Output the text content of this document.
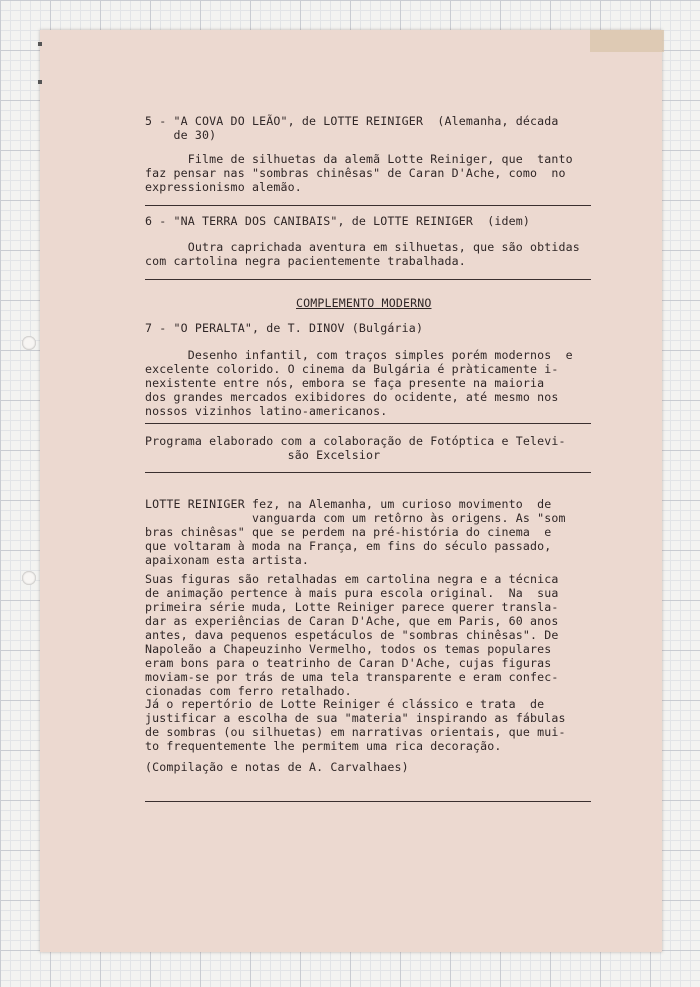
5 - "A COVA DO LEÃO", de LOTTE REINIGER  (Alemanha, década
de 30)
Filme de silhuetas da alemã Lotte Reiniger, que  tanto
faz pensar nas "sombras chinêsas" de Caran D'Ache, como  no
expressionismo alemão.
6 - "NA TERRA DOS CANIBAIS", de LOTTE REINIGER  (idem)
Outra caprichada aventura em silhuetas, que são obtidas
com cartolina negra pacientemente trabalhada.
COMPLEMENTO MODERNO
7 - "O PERALTA", de T. DINOV (Bulgária)
Desenho infantil, com traços simples porém modernos  e
excelente colorido. O cinema da Bulgária é pràticamente i-
nexistente entre nós, embora se faça presente na maioria
dos grandes mercados exibidores do ocidente, até mesmo nos
nossos vizinhos latino-americanos.
Programa elaborado com a colaboração de Fotóptica e Televi-
são Excelsior
LOTTE REINIGER fez, na Alemanha, um curioso movimento  de
vanguarda com um retôrno às origens. As "som
bras chinêsas" que se perdem na pré-história do cinema  e
que voltaram à moda na França, em fins do século passado,
apaixonam esta artista.
Suas figuras são retalhadas em cartolina negra e a técnica
de animação pertence à mais pura escola original.  Na  sua
primeira série muda, Lotte Reiniger parece querer transla-
dar as experiências de Caran D'Ache, que em Paris, 60 anos
antes, dava pequenos espetáculos de "sombras chinêsas". De
Napoleão a Chapeuzinho Vermelho, todos os temas populares
eram bons para o teatrinho de Caran D'Ache, cujas figuras
moviam-se por trás de uma tela transparente e eram confec-
cionadas com ferro retalhado.
Já o repertório de Lotte Reiniger é clássico e trata  de
justificar a escolha de sua "materia" inspirando as fábulas
de sombras (ou silhuetas) em narrativas orientais, que mui-
to frequentemente lhe permitem uma rica decoração.
(Compilação e notas de A. Carvalhaes)
